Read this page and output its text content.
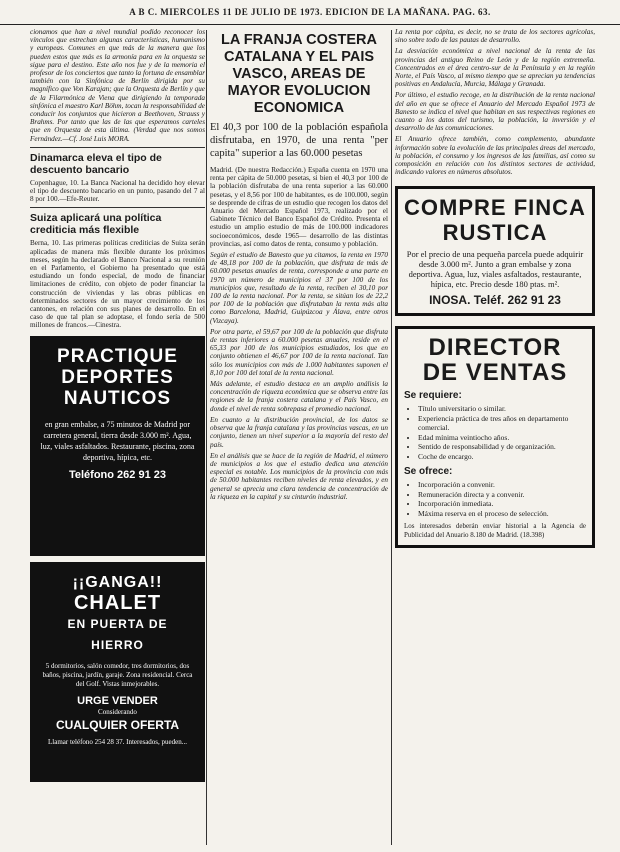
A B C. MIERCOLES 11 DE JULIO DE 1973. EDICION DE LA MAÑANA. PAG. 63.

cionamos que han a nivel mundial podido reconocer los vínculos que estrechan algunas características, humanismo y europeas. Comunes en que más de la manera que los pueden estos que más es la armonía para en la orquesta se sigue para el destino. Este año nos fue y de la memoria el profesor de los conciertos que tanto la fortuna de ensamblar también con la Sinfónica de Berlín dirigida por su magnífico que Von Karajan; que la Orquesta de Berlín y que de la Filarmónica de Viena que dirigiendo la temporada sinfónica el maestro Karl Böhm, tocan la responsabilidad de conducir los conjuntos que hicieron a Beethoven, Strauss y Brahms. Por tanto que las de las que esperamos carteles que en Orquesta de esta última. (Verdad que nos somos Fernández.—Cf. José Luis MORA.

Dinamarca eleva el tipo de descuento bancario

Copenhague, 10. La Banca Nacional ha decidido hoy elevar el tipo de descuento bancario en un punto, pasando del 7 al 8 por 100.—Efe-Reuter.

Suiza aplicará una política crediticia más flexible

Berna, 10. Las primeras políticas crediticias de Suiza serán aplicadas de manera más flexible durante los próximos meses, según ha declarado el Banco Nacional a su reunión en el Parlamento, el Gobierno ha presentado que está estudiando un fondo especial, de modo de financiar limitaciones de crédito, con objeto de poder financiar la construcción de viviendas y las obras públicas en determinados sectores de un mayor crecimiento de los cantones, en relación con sus planes de desarrollo. En el caso de que tal plan se adoptase, el fondo sería de 500 millones de francos.—Cinestra.

PRACTIQUE DEPORTES NAUTICOS
en gran embalse, a 75 minutos de Madrid por carretera general, tierra desde 3.000 m². Agua, luz, viales asfaltados. Restaurante, piscina, zona deportiva, hípica, etc.
Teléfono 262 91 23
¡¡GANGA!!
CHALET
EN PUERTA DE HIERRO
5 dormitorios, salón comedor, tres dormitorios, dos baños, piscina, jardín, garaje. Zona residencial. Cerca del Golf. Vistas inmejorables.
URGE VENDER
Considerando
CUALQUIER OFERTA
Llamar teléfono 254 28 37. Interesados, pueden...
LA FRANJA COSTERA CATALANA Y EL PAIS VASCO, AREAS DE MAYOR EVOLUCION ECONOMICA
El 40,3 por 100 de la población española disfrutaba, en 1970, de una renta "per capita" superior a las 60.000 pesetas

Madrid. (De nuestra Redacción.) España cuenta en 1970 una renta per cápita de 50.000 pesetas, si bien el 40,3 por 100 de la población disfrutaba de una renta superior a las 60.000 pesetas, y el 8,56 por 100 de habitantes, es de 100.000, según se desprende de cifras de un estudio que recogen los datos del Anuario del Mercado Español 1973, realizado por el Gabinete Técnico del Banco Español de Crédito. Presenta el estudio un amplio estudio de más de 100.000 indicadores socioeconómicos, desde 1965— desarrollo de las distintas provincias, así como datos de renta, consumo y población.

Según el estudio de Banesto que ya citamos, la renta en 1970 de 48,18 por 100 de la población, que disfruta de más de 60.000 pesetas anuales de renta, corresponde a una parte en 1970 un número de municipios el 37 por 100 de los municipios que, resultado de la renta, reciben el 30,10 por 100 de la renta nacional. Por la renta, se sitúan los de 22,2 por 100 de la población que disfrutaban la renta más alta como Barcelona, Madrid, Guipúzcoa y Álava, entre otros (Vizcaya).

Por otra parte, el 59,67 por 100 de la población que disfruta de rentas inferiores a 60.000 pesetas anuales, reside en el 65,33 por 100 de los municipios estudiados, los que en conjunto obtienen el 46,67 por 100 de la renta nacional. Tan sólo los municipios con más de 1.000 habitantes suponen el 8,10 por 100 del total de la renta nacional.

Más adelante, el estudio destaca en un amplio análisis la concentración de riqueza económica que se observa entre las regiones de la franja costera catalana y el País Vasco, en donde el nivel de renta sobrepasa el promedio nacional.

En cuanto a la distribución provincial, de los datos se observa que la franja catalana y las provincias vascas, en un conjunto, tienen un nivel superior a la mayoría del resto del país.

En el análisis que se hace de la región de Madrid, el número de municipios a los que el estudio dedica una atención especial es notable. Los municipios de la provincia con más de 50.000 habitantes reciben niveles de renta elevados, y en general se aprecia una clara tendencia de concentración de la riqueza en la capital y su cinturón industrial.

La renta por cápita, es decir, no se trata de los sectores agrícolas, sino sobre todo de las pautas de desarrollo.

La desviación económica a nivel nacional de la renta de las provincias del antiguo Reino de León y de la región extremeña. Concentrados en el área centro-sur de la Península y en la región Norte, el País Vasco, al mismo tiempo que se aprecian ya tendencias positivas en Andalucía, Murcia, Málaga y Granada.

Por último, el estudio recoge, en la distribución de la renta nacional del año en que se ofrece el Anuario del Mercado Español 1973 de Banesto se indica el nivel que habitan en sus respectivas regiones en cuanto a los datos del turismo, la población, la inversión y el desarrollo de las comunicaciones.

El Anuario ofrece también, como complemento, abundante información sobre la evolución de las principales áreas del mercado, la población, el consumo y los ingresos de las familias, así como su composición en relación con los distintos sectores de actividad, indicando valores en números absolutos.

COMPRE FINCA
RUSTICA
Por el precio de una pequeña parcela puede adquirir desde 3.000 m². Junto a gran embalse y zona deportiva. Agua, luz, viales asfaltados, restaurante, hípica, etc. Precio desde 180 ptas. m².
INOSA. Teléf. 262 91 23
DIRECTOR
DE VENTAS
Se requiere:
• Título universitario o similar.
• Experiencia práctica de tres años en departamento comercial.
• Edad mínima veintiocho años.
• Sentido de responsabilidad y de organización.
• Coche de encargo.
Se ofrece:
• Incorporación a convenir.
• Remuneración directa y a convenir.
• Incorporación inmediata.
• Máxima reserva en el proceso de selección.
Los interesados deberán enviar historial a la Agencia de Publicidad del Anuario 8.180 de Madrid. (18.398)
